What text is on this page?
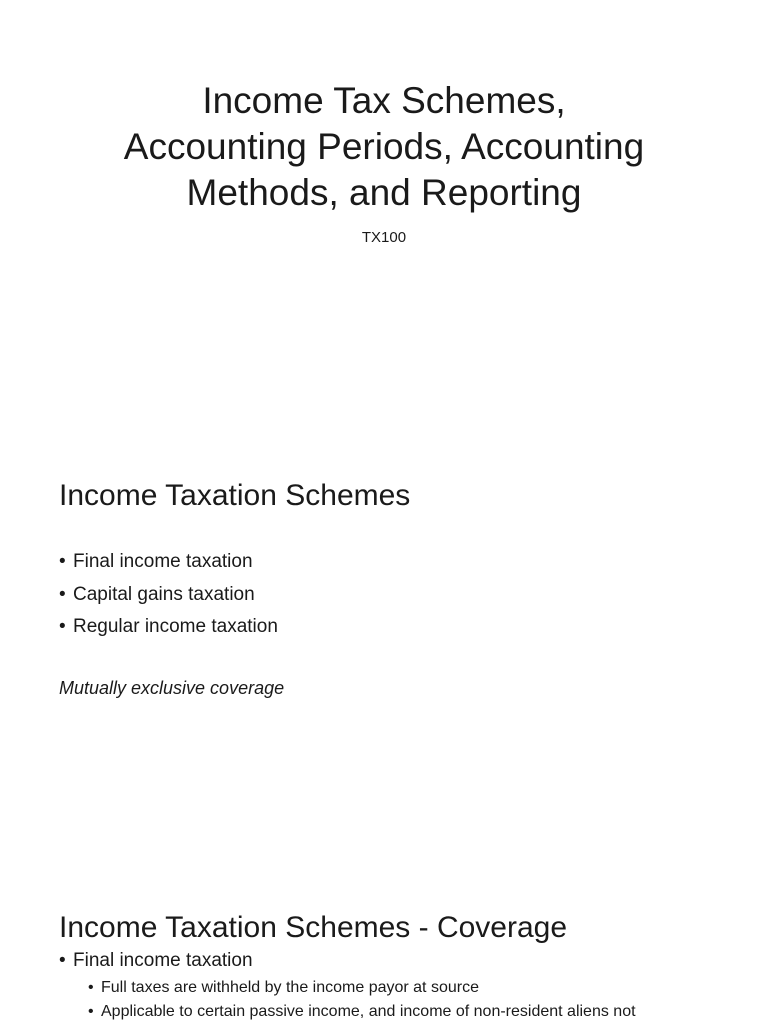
Income Tax Schemes,
Accounting Periods, Accounting
Methods, and Reporting
TX100
Income Taxation Schemes
• Final income taxation
• Capital gains taxation
• Regular income taxation
Mutually exclusive coverage
Income Taxation Schemes - Coverage
• Final income taxation
• Full taxes are withheld by the income payor at source
• Applicable to certain passive income, and income of non-resident aliens not
